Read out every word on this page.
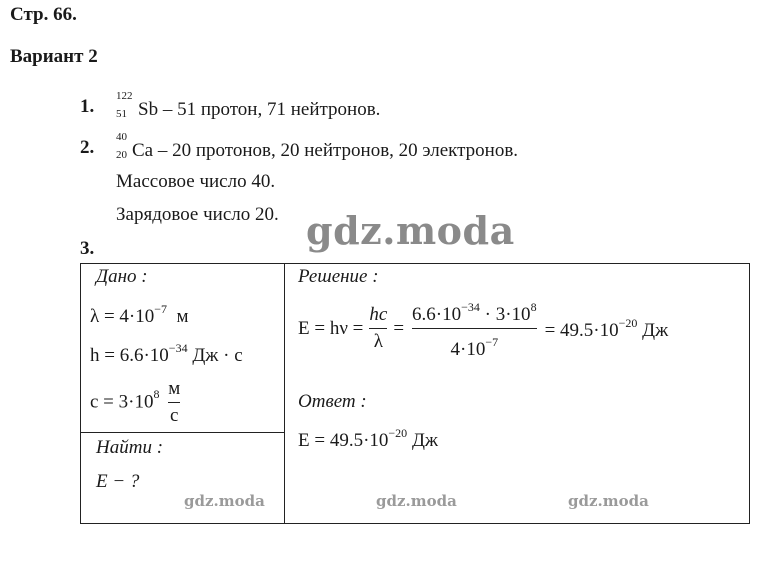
Стр. 66.
Вариант 2
1. 122
51 Sb – 51 протон, 71 нейтронов.
2. 40
20 Ca – 20 протонов, 20 нейтронов, 20 электронов.
Массовое число 40.
Зарядовое число 20. gdz.moda
3.
Дано :
$\lambda = 4\cdot 10^{-7}$ м
$h = 6.6\cdot 10^{-34}$ Дж · с
$c = 3\cdot 10^8 \frac{м}{с}$
Найти :
E − ?
Решение :
$E = h\nu = \frac{hc}{\lambda} = \frac{6.6\cdot 10^{-34} \cdot 3\cdot 10^8}{4\cdot 10^{-7}} = 49.5\cdot 10^{-20}$ Дж
Ответ :
$E = 49.5\cdot 10^{-20}$ Дж
gdz.moda	gdz.moda	gdz.moda
